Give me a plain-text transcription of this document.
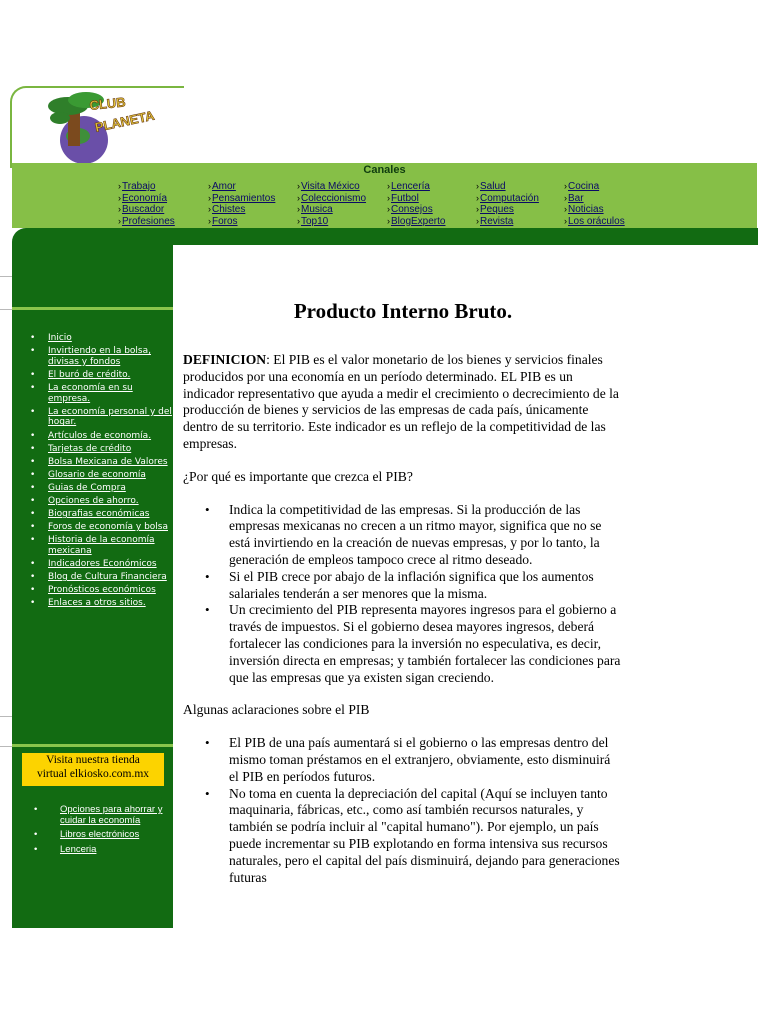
CLUB
PLANETA
Canales
› Trabajo
› Economía
› Buscador
› Profesiones
› Amor
› Pensamientos
› Chistes
› Foros
› Visita México
› Coleccionismo
› Musica
› Top10
› Lencería
› Futbol
› Consejos
› BlogExperto
› Salud
› Computación
› Peques
› Revista
› Cocina
› Bar
› Noticias
› Los oráculos
• Inicio
• Invirtiendo en la bolsa, divisas y fondos
• El buró de crédito.
• La economía en su empresa.
• La economía personal y del hogar.
• Artículos de economía.
• Tarjetas de crédito
• Bolsa Mexicana de Valores
• Glosario de economía
• Guias de Compra
• Opciones de ahorro.
• Biografias económicas
• Foros de economía y bolsa
• Historia de la economía mexicana
• Indicadores Económicos
• Blog de Cultura Financiera
• Pronósticos económicos
• Enlaces a otros sitios.
Visita nuestra tienda
virtual elkiosko.com.mx
• Opciones para ahorrar y cuidar la economía
• Libros electrónicos
• Lenceria
Producto Interno Bruto.

DEFINICION: El PIB es el valor monetario de los bienes y servicios finales producidos por una economía en un período determinado. EL PIB es un indicador representativo que ayuda a medir el crecimiento o decrecimiento de la producción de bienes y servicios de las empresas de cada país, únicamente dentro de su territorio. Este indicador es un reflejo de la competitividad de las empresas.

¿Por qué es importante que crezca el PIB?

• Indica la competitividad de las empresas. Si la producción de las empresas mexicanas no crecen a un ritmo mayor, significa que no se está invirtiendo en la creación de nuevas empresas, y por lo tanto, la generación de empleos tampoco crece al ritmo deseado.
• Si el PIB crece por abajo de la inflación significa que los aumentos salariales tenderán a ser menores que la misma.
• Un crecimiento del PIB representa mayores ingresos para el gobierno a través de impuestos. Si el gobierno desea mayores ingresos, deberá fortalecer las condiciones para la inversión no especulativa, es decir, inversión directa en empresas; y también fortalecer las condiciones para que las empresas que ya existen sigan creciendo.

Algunas aclaraciones sobre el PIB

• El PIB de una país aumentará si el gobierno o las empresas dentro del mismo toman préstamos en el extranjero, obviamente, esto disminuirá el PIB en períodos futuros.
• No toma en cuenta la depreciación del capital (Aquí se incluyen tanto maquinaria, fábricas, etc., como así también recursos naturales, y también se podría incluir al "capital humano"). Por ejemplo, un país puede incrementar su PIB explotando en forma intensiva sus recursos naturales, pero el capital del país disminuirá, dejando para generaciones futuras
